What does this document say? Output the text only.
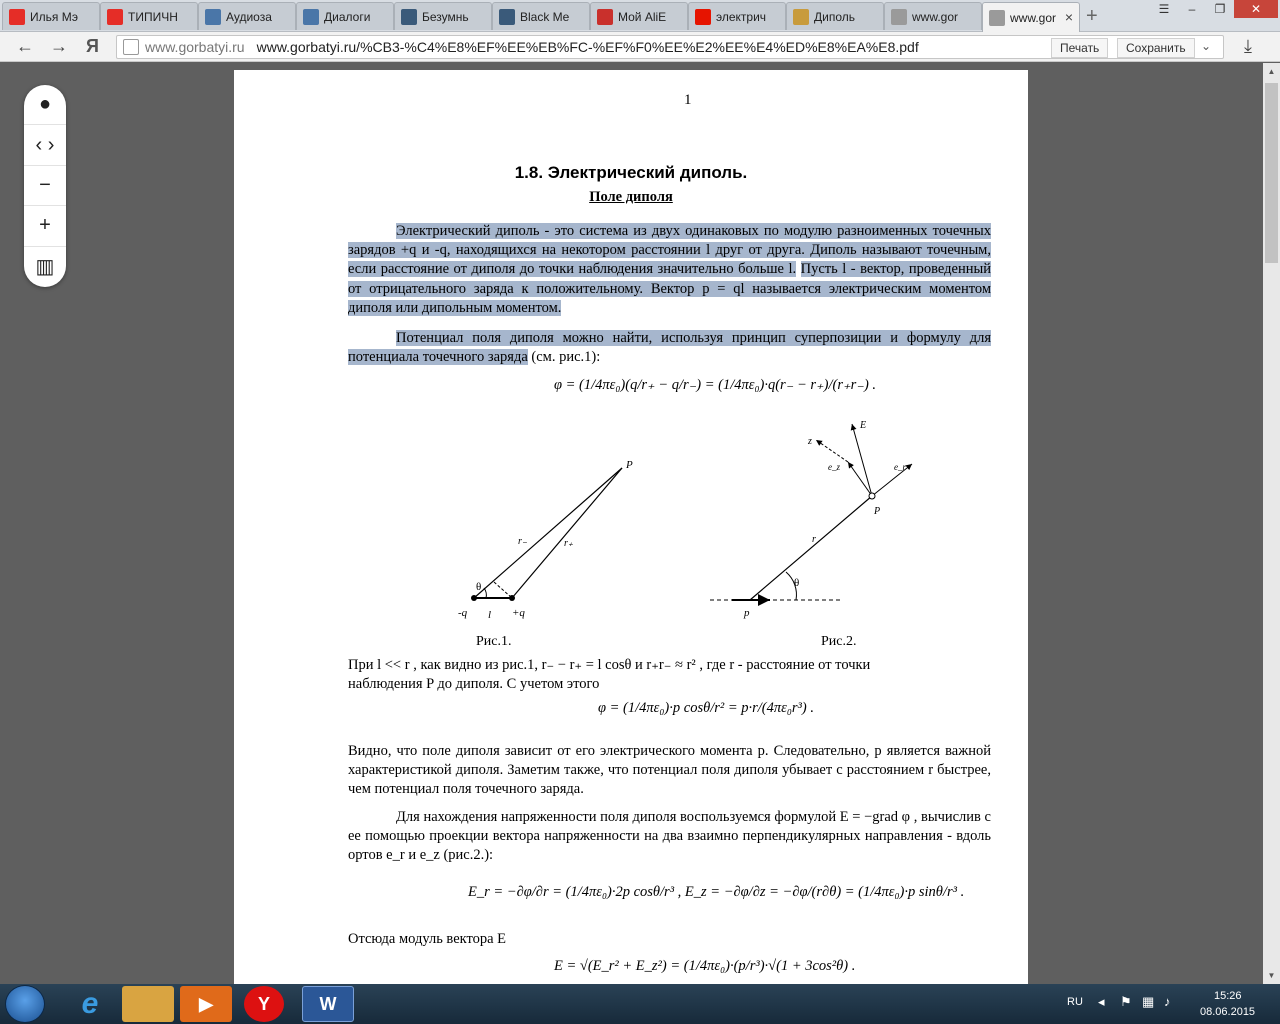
Илья Мэ	ТИПИЧН	Аудиоза	Диалоги	Безумнь	Black Me	Мой AliE	электрич	Диполь	www.gor	www.gor × +	☰	–	❐	✕
← → Я	www.gorbatyi.ru www.gorbatyi.ru/%CB3-%C4%E8%EF%EE%EB%FC-%EF%F0%EE%E2%EE%E4%ED%E8%EA%E8.pdf	Печать	Сохранить	⌄ ⤓
●
‹ ›
−
+
▥
1
1.8. Электрический диполь.
Поле диполя
Электрический диполь - это система из двух одинаковых по модулю разноименных точечных зарядов +q и -q, находящихся на некотором расстоянии l друг от друга. Диполь называют точечным, если расстояние от диполя до точки наблюдения значительно больше l. Пусть l - вектор, проведенный от отрицательного заряда к положительному. Вектор p = ql называется электрическим моментом диполя или дипольным моментом.
Потенциал поля диполя можно найти, используя принцип суперпозиции и формулу для потенциала точечного заряда (см. рис.1):
φ = (1/4πε₀)(q/r₊ − q/r₋) = (1/4πε₀)·q(r₋ − r₊)/(r₊r₋) .
P
r₋	r₊
θ
-q l +q
Рис.1.
E
z
e_z	e_r
P
r
θ
p
Рис.2.
При l << r , как видно из рис.1, r₋ − r₊ = l cosθ и r₊r₋ ≈ r² , где r - расстояние от точки
наблюдения P до диполя. С учетом этого
φ = (1/4πε₀)·p cosθ/r² = p·r/(4πε₀r³) .
Видно, что поле диполя зависит от его электрического момента p. Следовательно, p является важной характеристикой диполя. Заметим также, что потенциал поля диполя убывает с расстоянием r быстрее, чем потенциал поля точечного заряда.
Для нахождения напряженности поля диполя воспользуемся формулой E = −grad φ , вычислив с ее помощью проекции вектора напряженности на два взаимно перпендикулярных направления - вдоль ортов e_r и e_z (рис.2.):
E_r = −∂φ/∂r = (1/4πε₀)·2p cosθ/r³ , E_z = −∂φ/∂z = −∂φ/(r∂θ) = (1/4πε₀)·p sinθ/r³ .
Отсюда модуль вектора E
E = √(E_r² + E_z²) = (1/4πε₀)·(p/r³)·√(1 + 3cos²θ) .
▲
▼
e	▶	Y	W	RU ◂ ⚑ ▦ ♪	15:26
08.06.2015
